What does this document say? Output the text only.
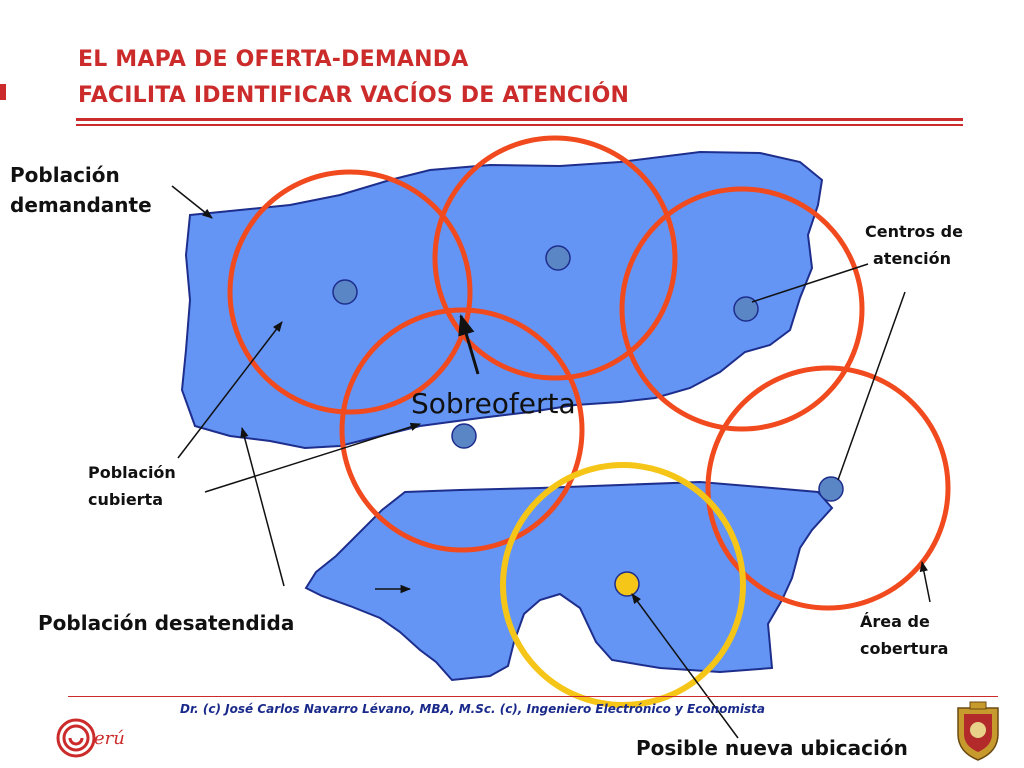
EL MAPA DE OFERTA-DEMANDA
FACILITA IDENTIFICAR VACÍOS DE ATENCIÓN
Sobreoferta
Población
demandante
Centros de
atención
Población
cubierta
Población desatendida	Área de
cobertura
Posible nueva ubicación
Dr. (c) José Carlos Navarro Lévano, MBA, M.Sc. (c), Ingeniero Electrónico y Economista
erú
